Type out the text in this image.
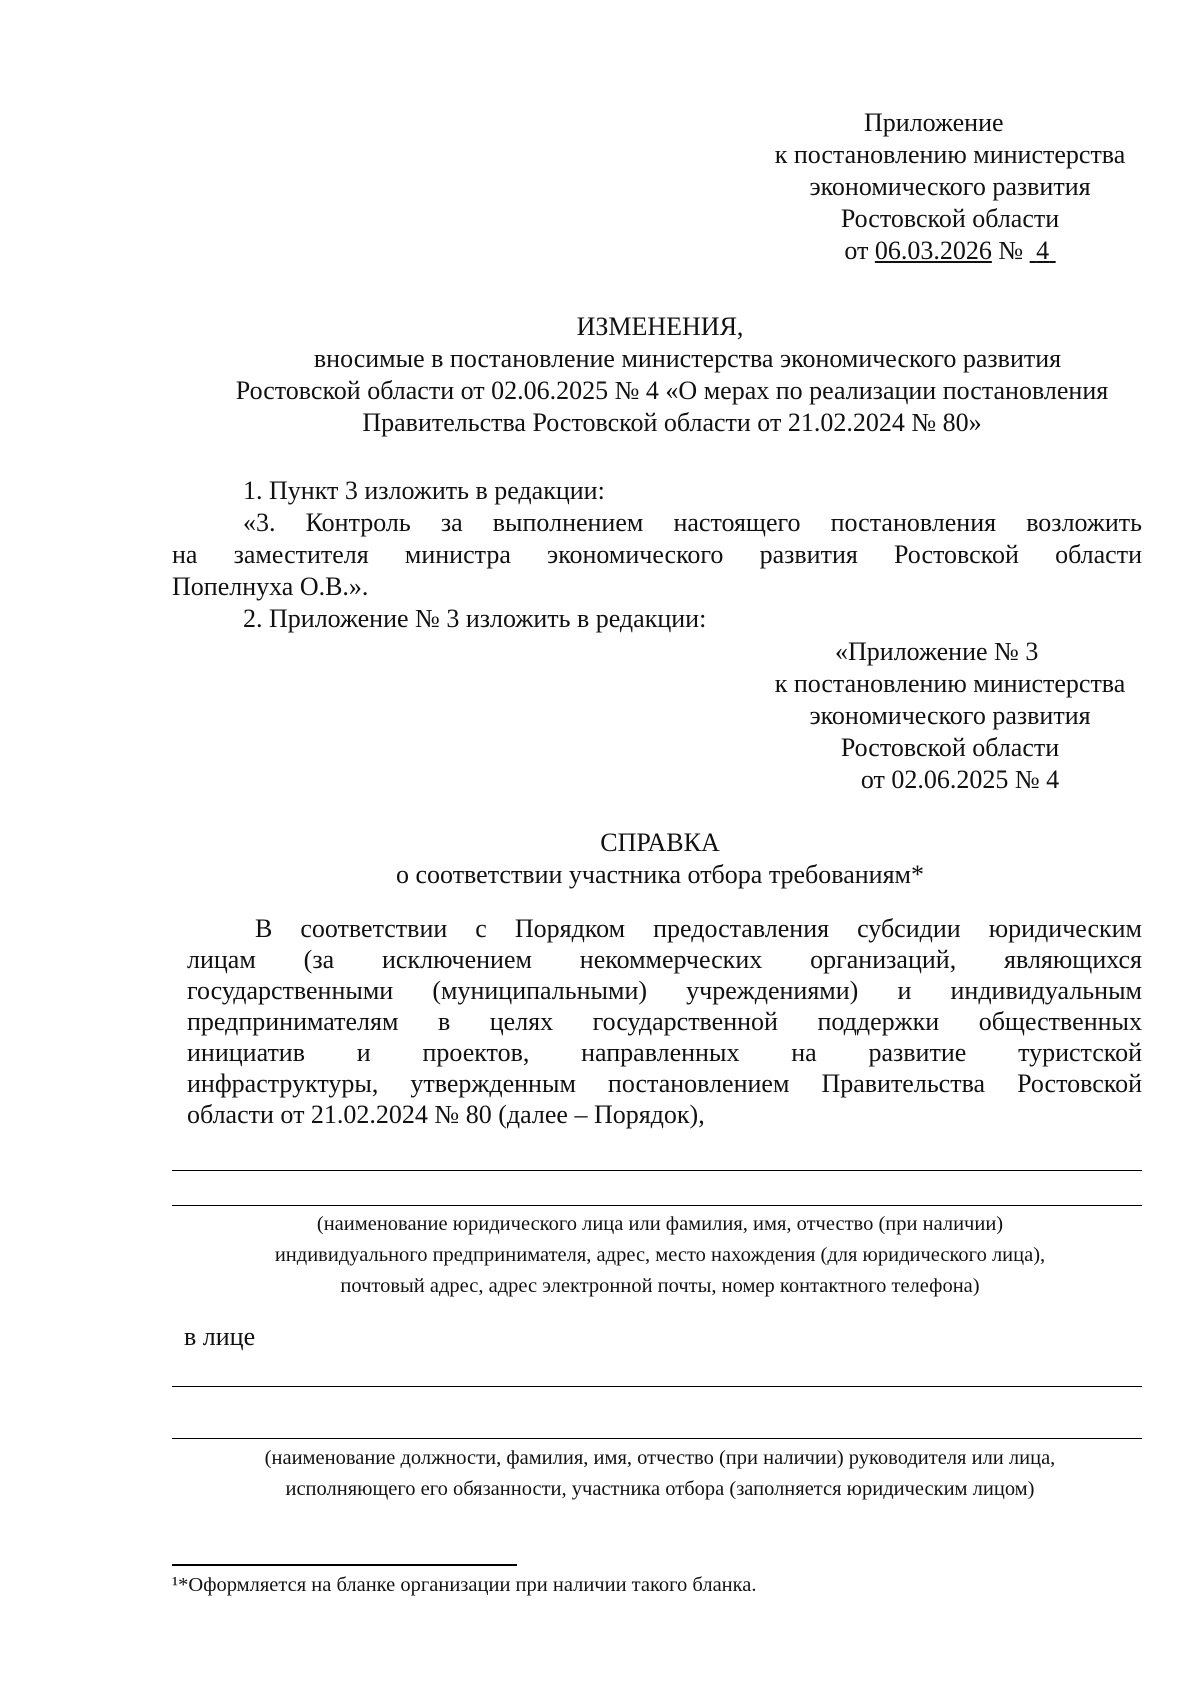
Приложение
к постановлению министерства
экономического развития
Ростовской области
от 06.03.2026 № 4
ИЗМЕНЕНИЯ,
вносимые в постановление министерства экономического развития
Ростовской области от 02.06.2025 № 4 «О мерах по реализации постановления
Правительства Ростовской области от 21.02.2024 № 80»
1. Пункт 3 изложить в редакции:
«3. Контроль за выполнением настоящего постановления возложить
на заместителя министра экономического развития Ростовской области
Попелнуха О.В.».
2. Приложение № 3 изложить в редакции:
«Приложение № 3
к постановлению министерства
экономического развития
Ростовской области
от 02.06.2025 № 4
СПРАВКА
о соответствии участника отбора требованиям*
В соответствии с Порядком предоставления субсидии юридическим
лицам (за исключением некоммерческих организаций, являющихся
государственными (муниципальными) учреждениями) и индивидуальным
предпринимателям в целях государственной поддержки общественных
инициатив и проектов, направленных на развитие туристской
инфраструктуры, утвержденным постановлением Правительства Ростовской
области от 21.02.2024 № 80 (далее – Порядок),
(наименование юридического лица или фамилия, имя, отчество (при наличии)
индивидуального предпринимателя, адрес, место нахождения (для юридического лица),
почтовый адрес, адрес электронной почты, номер контактного телефона)
в лице
(наименование должности, фамилия, имя, отчество (при наличии) руководителя или лица,
исполняющего его обязанности, участника отбора (заполняется юридическим лицом)
¹*Оформляется на бланке организации при наличии такого бланка.
